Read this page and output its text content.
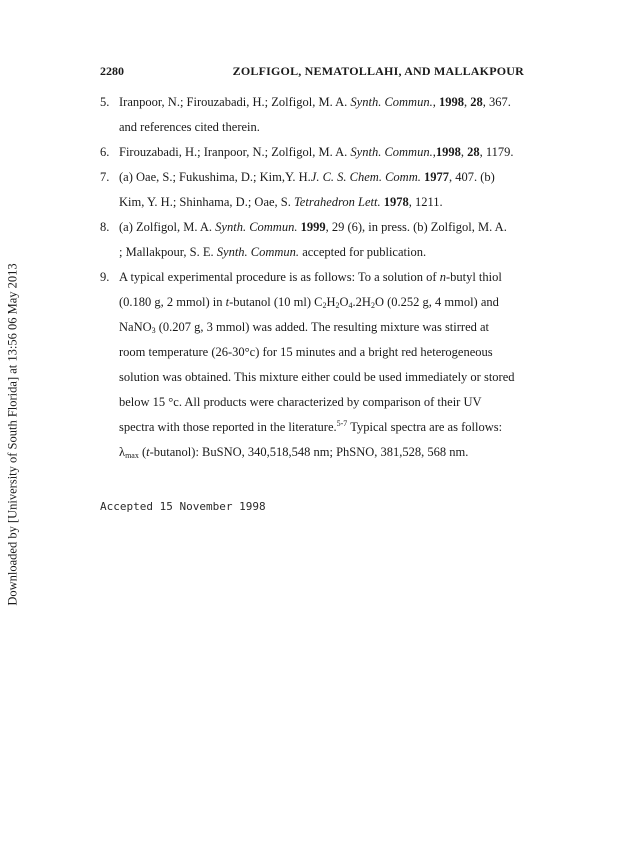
2280	ZOLFIGOL, NEMATOLLAHI, AND MALLAKPOUR
5. Iranpoor, N.; Firouzabadi, H.; Zolfigol, M. A. Synth. Commun., 1998, 28, 367.
and references cited therein.
6. Firouzabadi, H.; Iranpoor, N.; Zolfigol, M. A. Synth. Commun.,1998, 28, 1179.
7. (a) Oae, S.; Fukushima, D.; Kim,Y. H.J. C. S. Chem. Comm. 1977, 407. (b)
Kim, Y. H.; Shinhama, D.; Oae, S. Tetrahedron Lett. 1978, 1211.
8. (a) Zolfigol, M. A. Synth. Commun. 1999, 29 (6), in press. (b) Zolfigol, M. A.
; Mallakpour, S. E. Synth. Commun. accepted for publication.
9. A typical experimental procedure is as follows: To a solution of n-butyl thiol
(0.180 g, 2 mmol) in t-butanol (10 ml) $C_2H_2O_4.2H_2O$ (0.252 g, 4 mmol) and
NaNO$_3$ (0.207 g, 3 mmol) was added. The resulting mixture was stirred at
room temperature (26-30°c) for 15 minutes and a bright red heterogeneous
solution was obtained. This mixture either could be used immediately or stored
below 15 °c. All products were characterized by comparison of their UV
spectra with those reported in the literature.$^{5-7}$ Typical spectra are as follows:
$\lambda_{max}$ (t-butanol): BuSNO, 340,518,548 nm; PhSNO, 381,528, 568 nm.
Accepted 15 November 1998
Downloaded by [University of South Florida] at 13:56 06 May 2013
